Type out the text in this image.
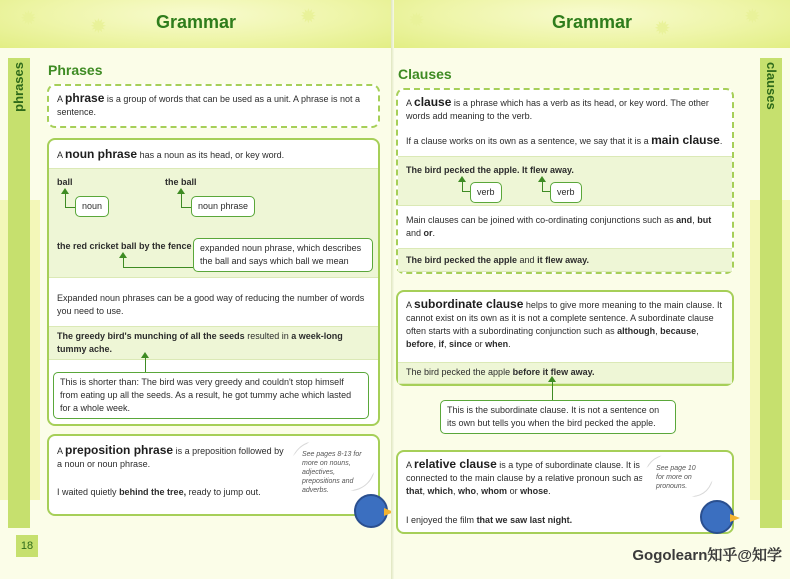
✹	✹	✹
Grammar
phrases Phrases

A phrase is a group of words that can be used as a unit. A phrase is not a sentence.

A noun phrase has a noun as its head, or key word.

ball

noun

the ball

noun phrase

the red cricket ball by the fence expanded noun phrase, which describes the ball and says which ball we mean

Expanded noun phrases can be a good way of reducing the number of words you need to use.

The greedy bird's munching of all the seeds resulted in a week-long tummy ache.

This is shorter than: The bird was very greedy and couldn't stop himself from eating up all the seeds. As a result, he got tummy ache which lasted for a whole week.

A preposition phrase is a preposition followed by a noun or noun phrase.

I waited quietly behind the tree, ready to jump out.

See pages 8-13 for more on nouns, adjectives, prepositions and adverbs.
18
✹	✹
✹
Grammar
clauses
Clauses

A clause is a phrase which has a verb as its head, or key word. The other words add meaning to the verb.

If a clause works on its own as a sentence, we say that it is a main clause.

The bird pecked the apple. It flew away.

verb	verb

Main clauses can be joined with co-ordinating conjunctions such as and, but and or.

The bird pecked the apple and it flew away.

A subordinate clause helps to give more meaning to the main clause. It cannot exist on its own as it is not a complete sentence. A subordinate clause often starts with a subordinating conjunction such as although, because, before, if, since or when.

The bird pecked the apple before it flew away.

This is the subordinate clause. It is not a sentence on its own but tells you when the bird pecked the apple.

A relative clause is a type of subordinate clause. It is connected to the main clause by a relative pronoun such as that, which, who, whom or whose.

I enjoyed the film that we saw last night.

See page 10 for more on pronouns.
Gogolearn知乎@知学
